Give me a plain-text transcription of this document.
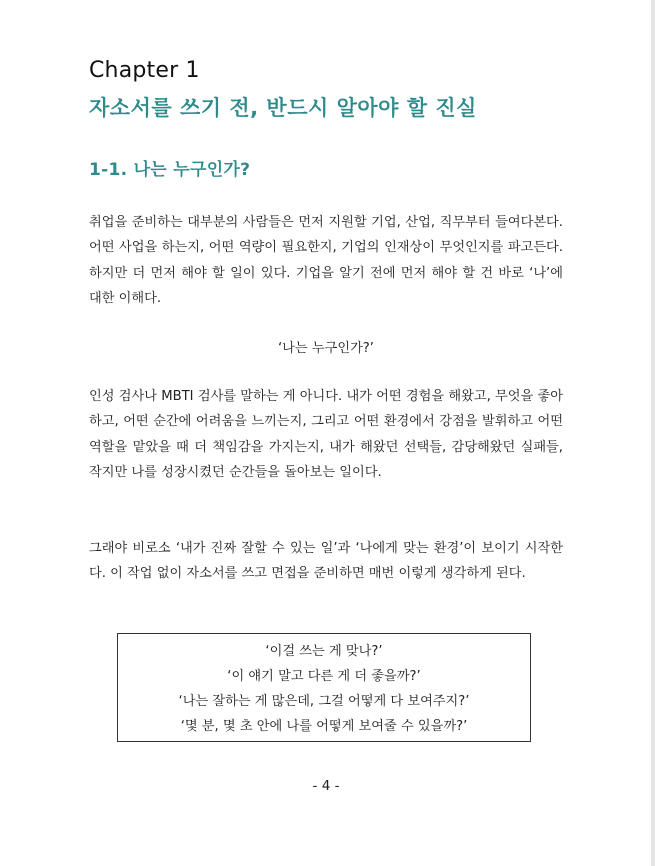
Chapter 1
자소서를 쓰기 전, 반드시 알아야 할 진실
1-1. 나는 누구인가?

취업을 준비하는 대부분의 사람들은 먼저 지원할 기업, 산업, 직무부터 들여다본다. 어떤 사업을 하는지, 어떤 역량이 필요한지, 기업의 인재상이 무엇인지를 파고든다. 하지만 더 먼저 해야 할 일이 있다. 기업을 알기 전에 먼저 해야 할 건 바로 ‘나’에 대한 이해다.

‘나는 누구인가?’

인성 검사나 MBTI 검사를 말하는 게 아니다. 내가 어떤 경험을 해왔고, 무엇을 좋아하고, 어떤 순간에 어려움을 느끼는지, 그리고 어떤 환경에서 강점을 발휘하고 어떤 역할을 맡았을 때 더 책임감을 가지는지, 내가 해왔던 선택들, 감당해왔던 실패들, 작지만 나를 성장시켰던 순간들을 돌아보는 일이다.

그래야 비로소 ‘내가 진짜 잘할 수 있는 일’과 ‘나에게 맞는 환경’이 보이기 시작한다. 이 작업 없이 자소서를 쓰고 면접을 준비하면 매번 이렇게 생각하게 된다.

‘이걸 쓰는 게 맞나?’
‘이 얘기 말고 다른 게 더 좋을까?’
‘나는 잘하는 게 많은데, 그걸 어떻게 다 보여주지?’
‘몇 분, 몇 초 안에 나를 어떻게 보여줄 수 있을까?’
- 4 -
